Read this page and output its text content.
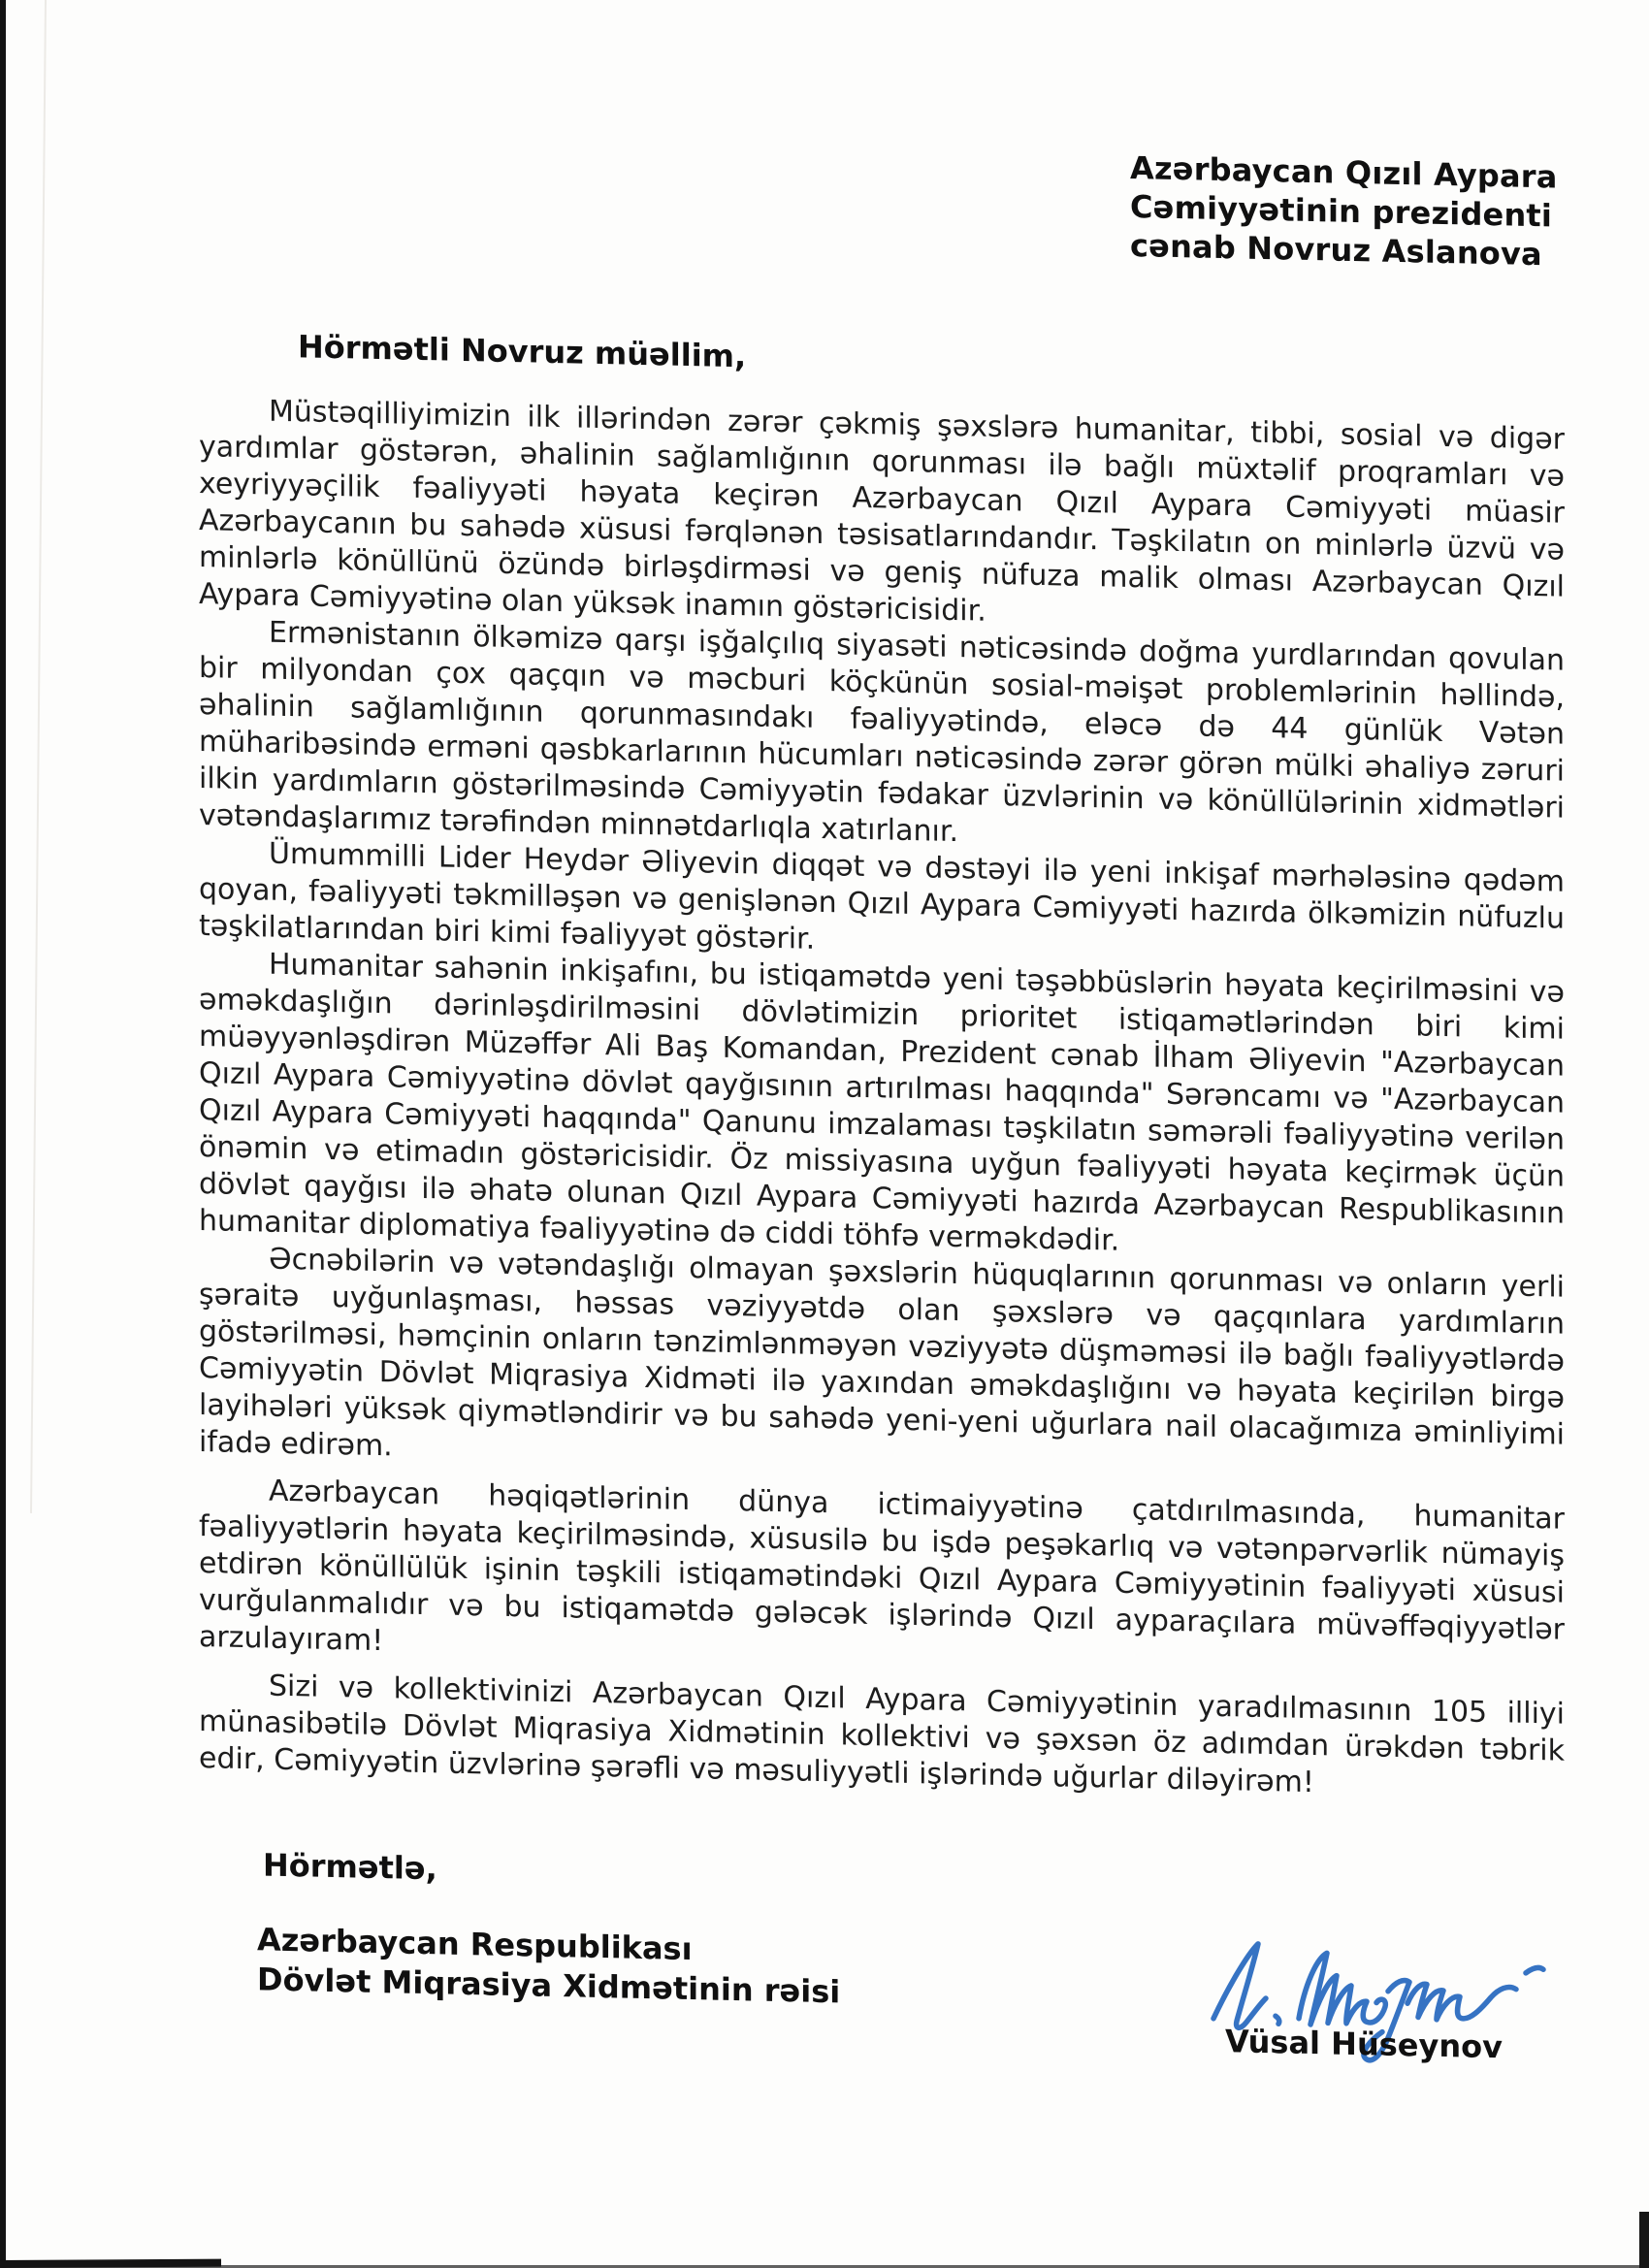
Azərbaycan Qızıl Aypara
Cəmiyyətinin prezidenti
cənab Novruz Aslanova
Hörmətli Novruz müəllim,

Müstəqilliyimizin ilk illərindən zərər çəkmiş şəxslərə humanitar, tibbi, sosial və digər yardımlar göstərən, əhalinin sağlamlığının qorunması ilə bağlı müxtəlif proqramları və xeyriyyəçilik fəaliyyəti həyata keçirən Azərbaycan Qızıl Aypara Cəmiyyəti müasir Azərbaycanın bu sahədə xüsusi fərqlənən təsisatlarındandır. Təşkilatın on minlərlə üzvü və minlərlə könüllünü özündə birləşdirməsi və geniş nüfuza malik olması Azərbaycan Qızıl Aypara Cəmiyyətinə olan yüksək inamın göstəricisidir.

Ermənistanın ölkəmizə qarşı işğalçılıq siyasəti nəticəsində doğma yurdlarından qovulan bir milyondan çox qaçqın və məcburi köçkünün sosial-məişət problemlərinin həllində, əhalinin sağlamlığının qorunmasındakı fəaliyyətində, eləcə də 44 günlük Vətən müharibəsində erməni qəsbkarlarının hücumları nəticəsində zərər görən mülki əhaliyə zəruri ilkin yardımların göstərilməsində Cəmiyyətin fədakar üzvlərinin və könüllülərinin xidmətləri vətəndaşlarımız tərəfindən minnətdarlıqla xatırlanır.

Ümummilli Lider Heydər Əliyevin diqqət və dəstəyi ilə yeni inkişaf mərhələsinə qədəm qoyan, fəaliyyəti təkmilləşən və genişlənən Qızıl Aypara Cəmiyyəti hazırda ölkəmizin nüfuzlu təşkilatlarından biri kimi fəaliyyət göstərir.

Humanitar sahənin inkişafını, bu istiqamətdə yeni təşəbbüslərin həyata keçirilməsini və əməkdaşlığın dərinləşdirilməsini dövlətimizin prioritet istiqamətlərindən biri kimi müəyyənləşdirən Müzəffər Ali Baş Komandan, Prezident cənab İlham Əliyevin "Azərbaycan Qızıl Aypara Cəmiyyətinə dövlət qayğısının artırılması haqqında" Sərəncamı və "Azərbaycan Qızıl Aypara Cəmiyyəti haqqında" Qanunu imzalaması təşkilatın səmərəli fəaliyyətinə verilən önəmin və etimadın göstəricisidir. Öz missiyasına uyğun fəaliyyəti həyata keçirmək üçün dövlət qayğısı ilə əhatə olunan Qızıl Aypara Cəmiyyəti hazırda Azərbaycan Respublikasının humanitar diplomatiya fəaliyyətinə də ciddi töhfə verməkdədir.

Əcnəbilərin və vətəndaşlığı olmayan şəxslərin hüquqlarının qorunması və onların yerli şəraitə uyğunlaşması, həssas vəziyyətdə olan şəxslərə və qaçqınlara yardımların göstərilməsi, həmçinin onların tənzimlənməyən vəziyyətə düşməməsi ilə bağlı fəaliyyətlərdə Cəmiyyətin Dövlət Miqrasiya Xidməti ilə yaxından əməkdaşlığını və həyata keçirilən birgə layihələri yüksək qiymətləndirir və bu sahədə yeni-yeni uğurlara nail olacağımıza əminliyimi ifadə edirəm.

Azərbaycan həqiqətlərinin dünya ictimaiyyətinə çatdırılmasında, humanitar fəaliyyətlərin həyata keçirilməsində, xüsusilə bu işdə peşəkarlıq və vətənpərvərlik nümayiş etdirən könüllülük işinin təşkili istiqamətindəki Qızıl Aypara Cəmiyyətinin fəaliyyəti xüsusi vurğulanmalıdır və bu istiqamətdə gələcək işlərində Qızıl ayparaçılara müvəffəqiyyətlər arzulayıram!

Sizi və kollektivinizi Azərbaycan Qızıl Aypara Cəmiyyətinin yaradılmasının 105 illiyi münasibətilə Dövlət Miqrasiya Xidmətinin kollektivi və şəxsən öz adımdan ürəkdən təbrik edir, Cəmiyyətin üzvlərinə şərəfli və məsuliyyətli işlərində uğurlar diləyirəm!

Hörmətlə,
Azərbaycan Respublikası
Dövlət Miqrasiya Xidmətinin rəisi
Vüsal Hüseynov
